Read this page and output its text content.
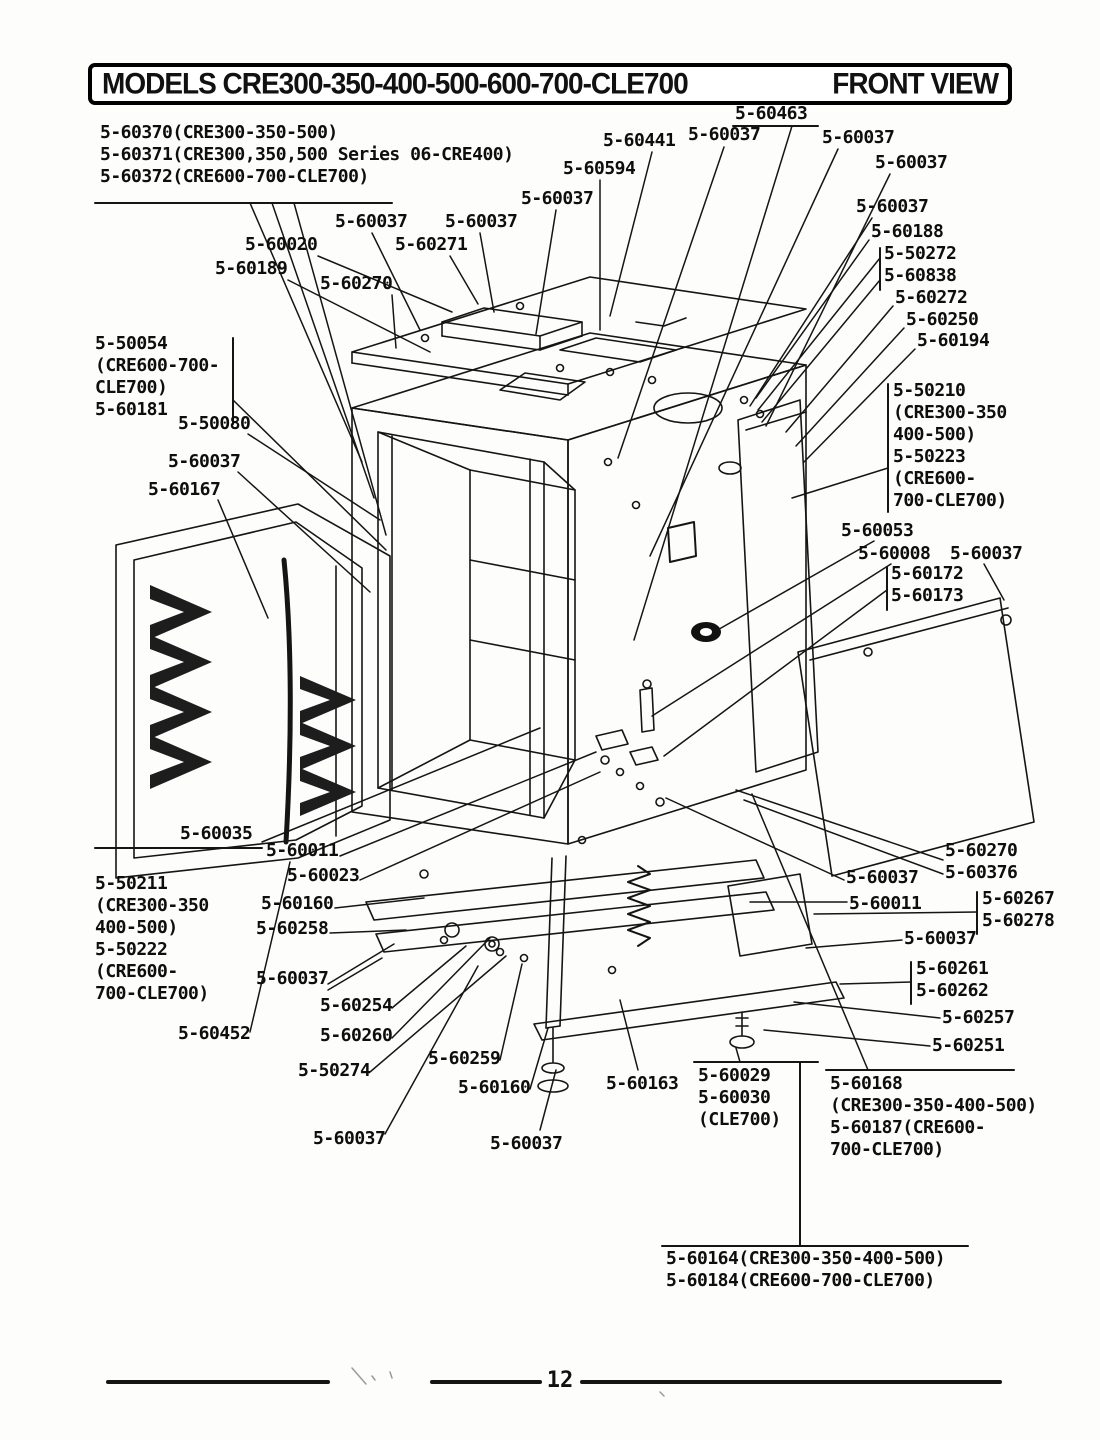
MODELS CRE300-350-400-500-600-700-CLE700	FRONT VIEW
5-60370(CRE300-350-500)
5-60371(CRE300,350,500 Series 06-CRE400)
5-60372(CRE600-700-CLE700)
5-60463
5-60037
5-60441	5-60037
5-60594	5-60037
5-60037	5-60037
5-60037 5-60037
5-60020	5-60271
5-60188
5-50272
5-60838
5-60189
5-60270
5-60272
5-60250
5-60194
5-50054
(CRE600-700-
CLE700)
5-60181
5-50080
5-50210
(CRE300-350
400-500)
5-50223
(CRE600-
700-CLE700)
5-60037
5-60167
5-60053
5-60008 5-60037
5-60172
5-60173
5-60035
5-60011
5-60023
5-60160
5-60258
5-50211
(CRE300-350
400-500)
5-50222
(CRE600-
700-CLE700)
5-60037
5-60452
5-60254
5-60260
5-50274
5-60259
5-60160
5-60037	5-60037
5-60163 5-60029
5-60030
(CLE700)
5-60270
5-60376
5-60037
5-60011	5-60267
5-60278
5-60037
5-60261
5-60262
5-60257
5-60251
5-60168
(CRE300-350-400-500)
5-60187(CRE600-
700-CLE700)
5-60164(CRE300-350-400-500)
5-60184(CRE600-700-CLE700)
12
